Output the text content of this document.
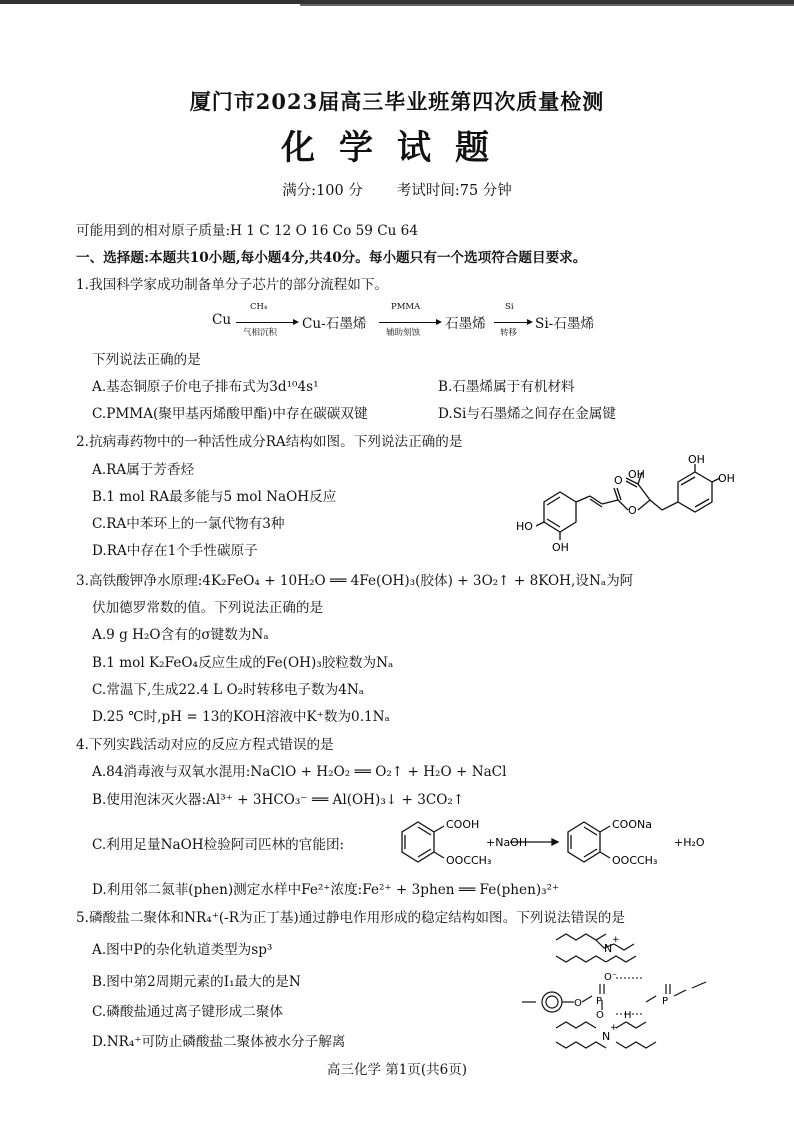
厦门市2023届高三毕业班第四次质量检测
化学试题
满分:100 分 考试时间:75 分钟
可能用到的相对原子质量:H 1 C 12 O 16 Co 59 Cu 64
一、选择题:本题共10小题,每小题4分,共40分。每小题只有一个选项符合题目要求。
1.我国科学家成功制备单分子芯片的部分流程如下。
Cu
CH₄
气相沉积
Cu-石墨烯
PMMA
辅助刻蚀
石墨烯
Si
转移
Si-石墨烯
下列说法正确的是
A.基态铜原子价电子排布式为3d¹⁰4s¹	B.石墨烯属于有机材料
C.PMMA(聚甲基丙烯酸甲酯)中存在碳碳双键	D.Si与石墨烯之间存在金属键
2.抗病毒药物中的一种活性成分RA结构如图。下列说法正确的是
A.RA属于芳香烃
B.1 mol RA最多能与5 mol NaOH反应
C.RA中苯环上的一氯代物有3种
D.RA中存在1个手性碳原子
OH
OH
OH
O
O
HO
OH
3.高铁酸钾净水原理:4K₂FeO₄ + 10H₂O ══ 4Fe(OH)₃(胶体) + 3O₂↑ + 8KOH,设Nₐ为阿
伏加德罗常数的值。下列说法正确的是
A.9 g H₂O含有的σ键数为Nₐ
B.1 mol K₂FeO₄反应生成的Fe(OH)₃胶粒数为Nₐ
C.常温下,生成22.4 L O₂时转移电子数为4Nₐ
D.25 ℃时,pH = 13的KOH溶液中K⁺数为0.1Nₐ
4.下列实践活动对应的反应方程式错误的是
A.84消毒液与双氧水混用:NaClO + H₂O₂ ══ O₂↑ + H₂O + NaCl
B.使用泡沫灭火器:Al³⁺ + 3HCO₃⁻ ══ Al(OH)₃↓ + 3CO₂↑
C.利用足量NaOH检验阿司匹林的官能团:
COOH
OOCCH₃
+NaOH
COONa
OOCCH₃
+H₂O
D.利用邻二氮菲(phen)测定水样中Fe²⁺浓度:Fe²⁺ + 3phen ══ Fe(phen)₃²⁺
5.磷酸盐二聚体和NR₄⁺(-R为正丁基)通过静电作用形成的稳定结构如图。下列说法错误的是
A.图中P的杂化轨道类型为sp³
B.图中第2周期元素的I₁最大的是N
C.磷酸盐通过离子键形成二聚体
D.NR₄⁺可防止磷酸盐二聚体被水分子解离
N
+
O P
O⁻
O H
P
N
+
高三化学 第1页(共6页)
